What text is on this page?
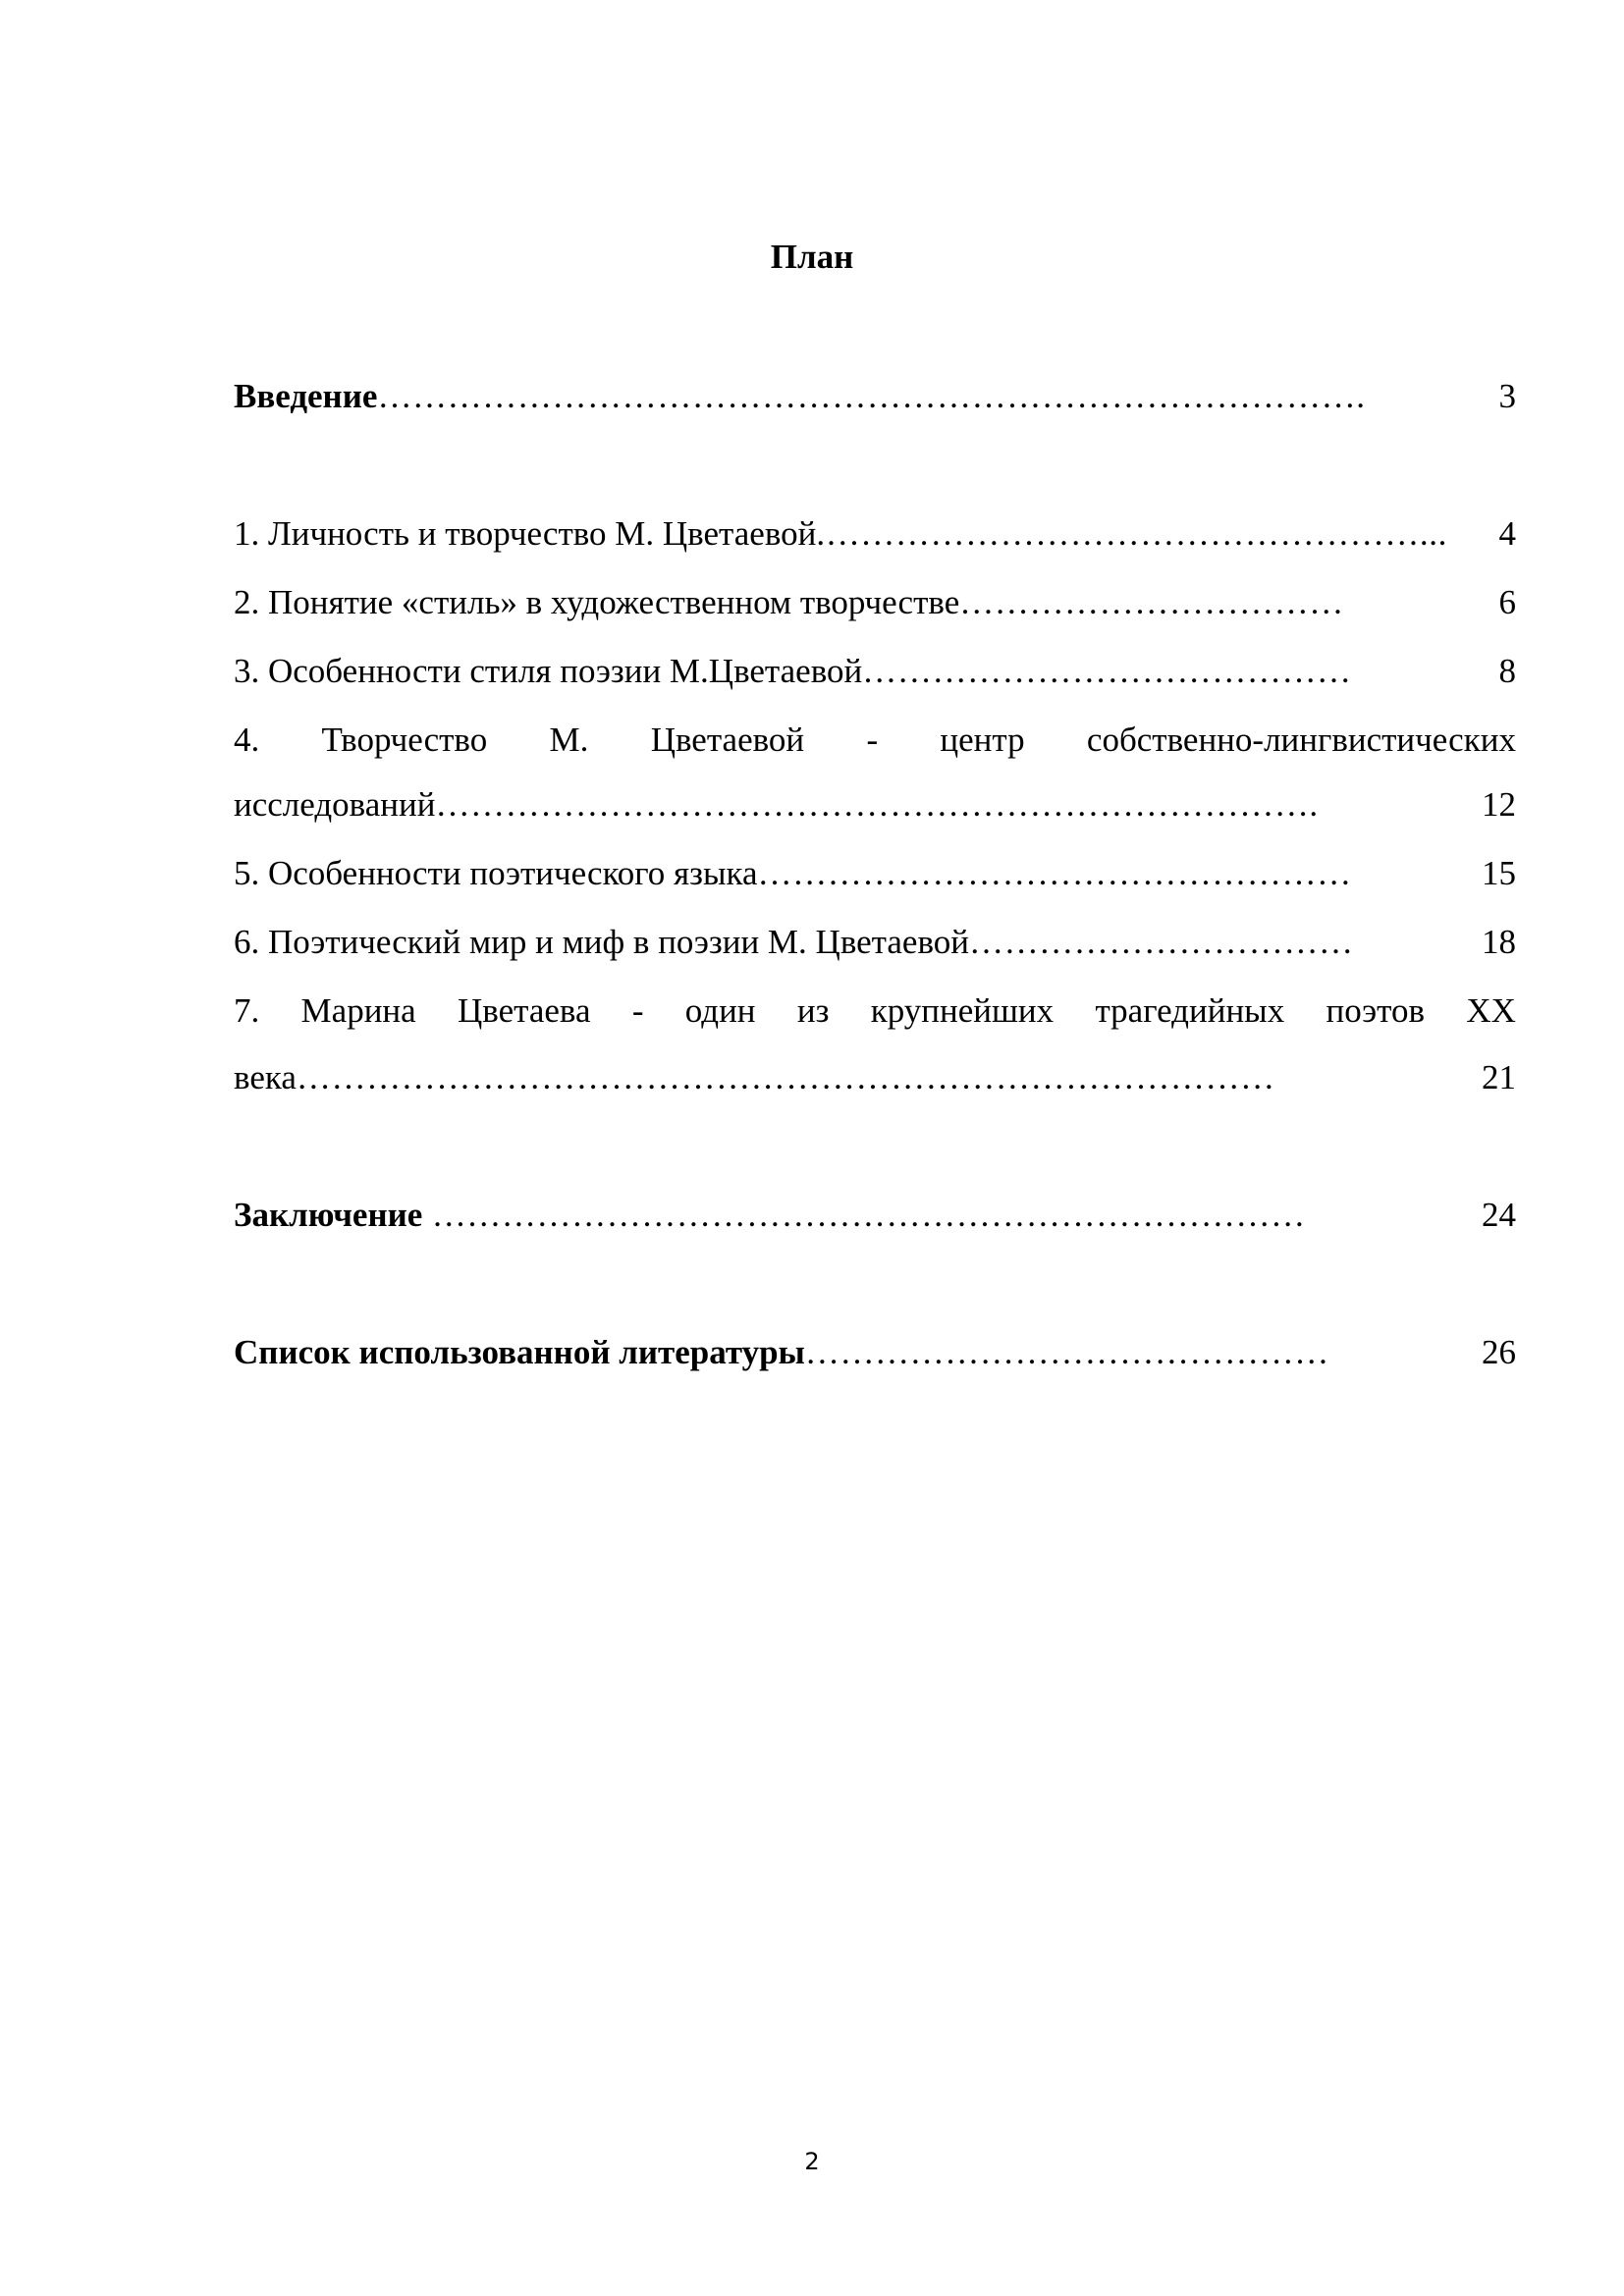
План
Введение………………………………………………………………………….	3
1. Личность и творчество М. Цветаевой.……………………………………………...	4
2. Понятие «стиль» в художественном творчестве……………………………	6
3. Особенности стиля поэзии М.Цветаевой……………………………………	8
4. Творчество М. Цветаевой - центр собственно-лингвистических
исследований………………………………………………………………….	12
5. Особенности поэтического языка……………………………………………	15
6. Поэтический мир и миф в поэзии М. Цветаевой……………………………	18
7. Марина Цветаева - один из крупнейших трагедийных поэтов XX
века…………………………………………………………………………	21
Заключение …………………………………………………………………	24
Список использованной литературы………………………………………	26
2
